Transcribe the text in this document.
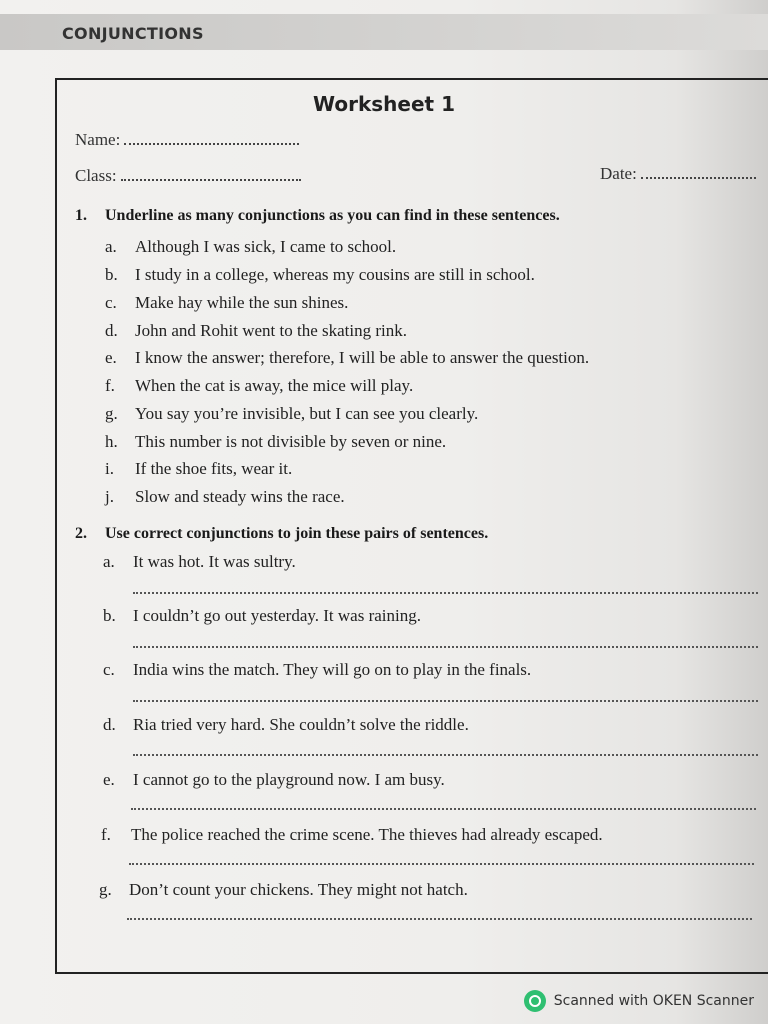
CONJUNCTIONS
Worksheet 1
Name:
Class:	Date:
1. Underline as many conjunctions as you can find in these sentences.
a. Although I was sick, I came to school.
b. I study in a college, whereas my cousins are still in school.
c. Make hay while the sun shines.
d. John and Rohit went to the skating rink.
e. I know the answer; therefore, I will be able to answer the question.
f. When the cat is away, the mice will play.
g. You say you’re invisible, but I can see you clearly.
h. This number is not divisible by seven or nine.
i. If the shoe fits, wear it.
j. Slow and steady wins the race.
2. Use correct conjunctions to join these pairs of sentences.
a. It was hot. It was sultry.
b. I couldn’t go out yesterday. It was raining.
c. India wins the match. They will go on to play in the finals.
d. Ria tried very hard. She couldn’t solve the riddle.
e. I cannot go to the playground now. I am busy.
f. The police reached the crime scene. The thieves had already escaped.
g. Don’t count your chickens. They might not hatch.
Scanned with OKEN Scanner
